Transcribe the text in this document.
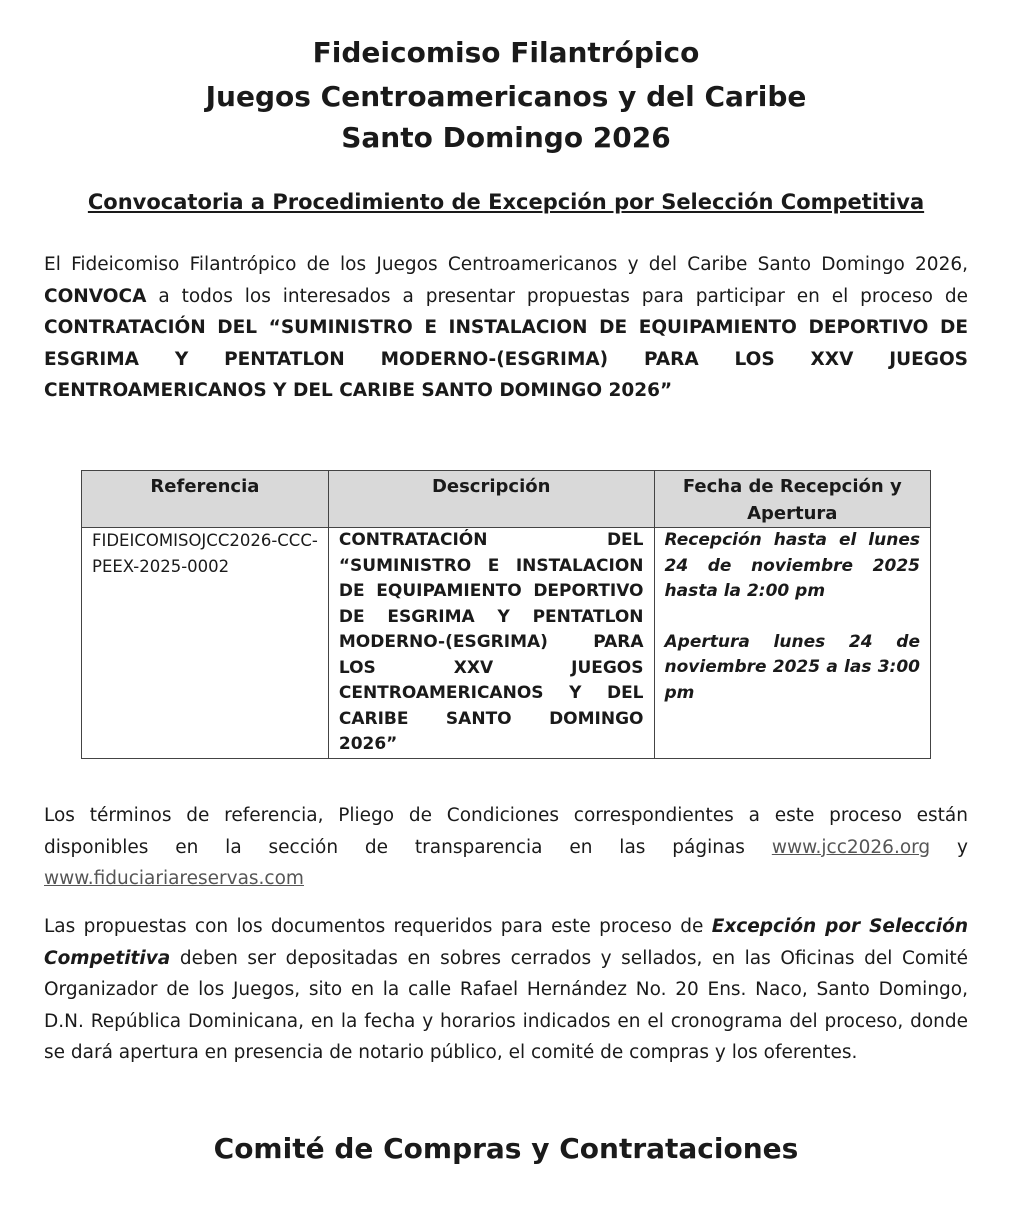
Fideicomiso Filantrópico
Juegos Centroamericanos y del Caribe
Santo Domingo 2026
Convocatoria a Procedimiento de Excepción por Selección Competitiva
El Fideicomiso Filantrópico de los Juegos Centroamericanos y del Caribe Santo Domingo 2026, CONVOCA a todos los interesados a presentar propuestas para participar en el proceso de CONTRATACIÓN DEL “SUMINISTRO E INSTALACION DE EQUIPAMIENTO DEPORTIVO DE ESGRIMA Y PENTATLON MODERNO-(ESGRIMA) PARA LOS XXV JUEGOS CENTROAMERICANOS Y DEL CARIBE SANTO DOMINGO 2026”
Referencia	Descripción	Fecha de Recepción y Apertura
FIDEICOMISOJCC2026-CCC-PEEX-2025-0002	CONTRATACIÓN DEL “SUMINISTRO E INSTALACION DE EQUIPAMIENTO DEPORTIVO DE ESGRIMA Y PENTATLON MODERNO-(ESGRIMA) PARA LOS XXV JUEGOS CENTROAMERICANOS Y DEL CARIBE SANTO DOMINGO 2026”	Recepción hasta el lunes 24 de noviembre 2025 hasta la 2:00 pm
Apertura lunes 24 de noviembre 2025 a las 3:00 pm
Los términos de referencia, Pliego de Condiciones correspondientes a este proceso están disponibles en la sección de transparencia en las páginas www.jcc2026.org y www.fiduciariareservas.com
Las propuestas con los documentos requeridos para este proceso de Excepción por Selección Competitiva deben ser depositadas en sobres cerrados y sellados, en las Oficinas del Comité Organizador de los Juegos, sito en la calle Rafael Hernández No. 20 Ens. Naco, Santo Domingo, D.N. República Dominicana, en la fecha y horarios indicados en el cronograma del proceso, donde se dará apertura en presencia de notario público, el comité de compras y los oferentes.
Comité de Compras y Contrataciones
